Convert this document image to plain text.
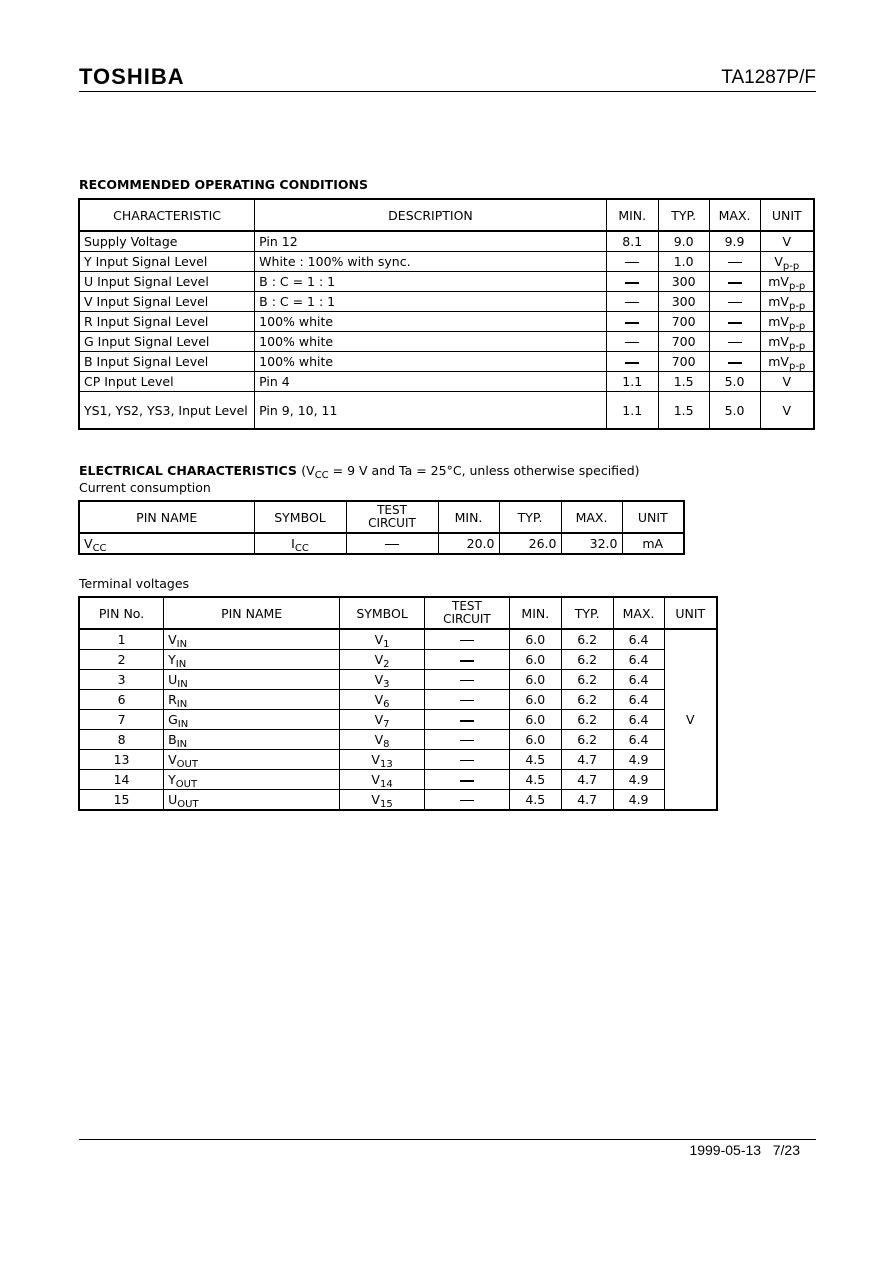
TOSHIBA	TA1287P/F
RECOMMENDED OPERATING CONDITIONS
CHARACTERISTIC	DESCRIPTION	MIN.	TYP.	MAX.	UNIT
Supply Voltage	Pin 12	8.1	9.0	9.9	V
Y Input Signal Level	White : 100% with sync.		1.0		$V_{p-p}$
U Input Signal Level	B : C = 1 : 1		300		$mV_{p-p}$
V Input Signal Level	B : C = 1 : 1		300		$mV_{p-p}$
R Input Signal Level	100% white		700		$mV_{p-p}$
G Input Signal Level	100% white		700		$mV_{p-p}$
B Input Signal Level	100% white		700		$mV_{p-p}$
CP Input Level	Pin 4	1.1	1.5	5.0	V
YS1, YS2, YS3, Input Level	Pin 9, 10, 11	1.1	1.5	5.0	V
ELECTRICAL CHARACTERISTICS ($V_{CC} = 9$ V and Ta = 25°C, unless otherwise specified)
Current consumption
PIN NAME	SYMBOL	TEST CIRCUIT	MIN.	TYP.	MAX.	UNIT
$V_{CC}$	$I_{CC}$		20.0	26.0	32.0	mA
Terminal voltages
PIN No.	PIN NAME	SYMBOL	TEST CIRCUIT	MIN.	TYP.	MAX.	UNIT
1	$V_{IN}$	$V_1$		6.0	6.2	6.4	V
2	$Y_{IN}$	$V_2$		6.0	6.2	6.4	
3	$U_{IN}$	$V_3$		6.0	6.2	6.4	
6	$R_{IN}$	$V_6$		6.0	6.2	6.4	
7	$G_{IN}$	$V_7$		6.0	6.2	6.4	
8	$B_{IN}$	$V_8$		6.0	6.2	6.4	
13	$V_{OUT}$	$V_{13}$		4.5	4.7	4.9	
14	$Y_{OUT}$	$V_{14}$		4.5	4.7	4.9	
15	$U_{OUT}$	$V_{15}$		4.5	4.7	4.9	
1999-05-13 7/23
